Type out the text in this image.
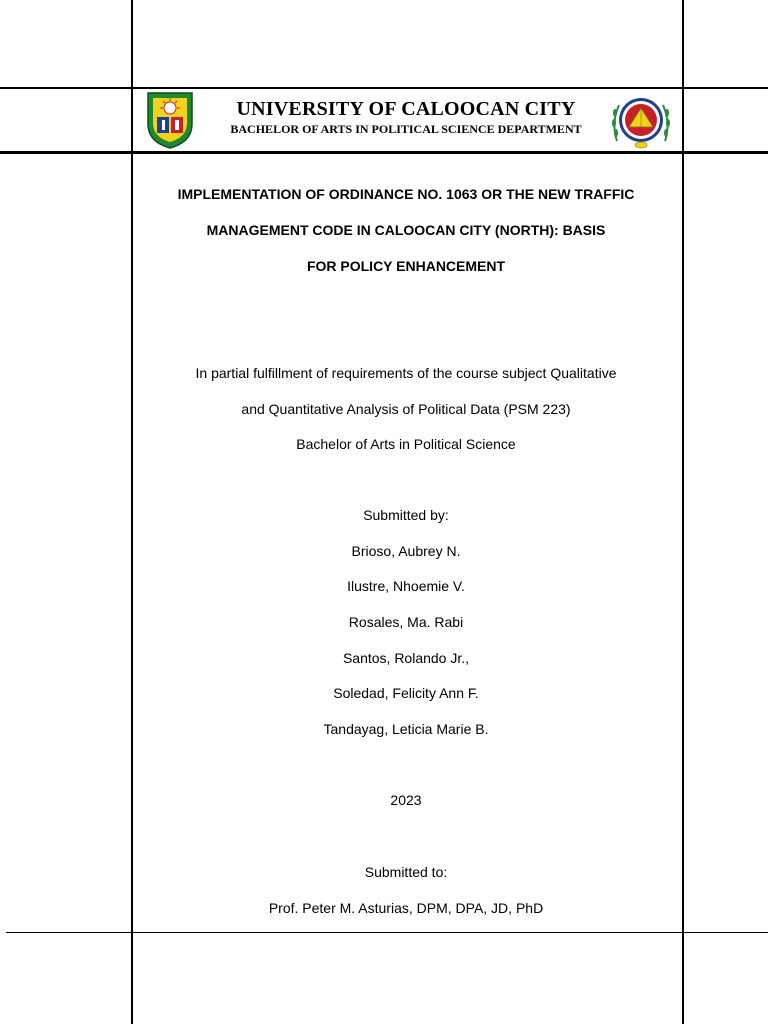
UNIVERSITY OF CALOOCAN CITY
BACHELOR OF ARTS IN POLITICAL SCIENCE DEPARTMENT
IMPLEMENTATION OF ORDINANCE NO. 1063 OR THE NEW TRAFFIC
MANAGEMENT CODE IN CALOOCAN CITY (NORTH): BASIS
FOR POLICY ENHANCEMENT
In partial fulfillment of requirements of the course subject Qualitative
and Quantitative Analysis of Political Data (PSM 223)
Bachelor of Arts in Political Science
Submitted by:
Brioso, Aubrey N.
Ilustre, Nhoemie V.
Rosales, Ma. Rabi
Santos, Rolando Jr.,
Soledad, Felicity Ann F.
Tandayag, Leticia Marie B.
2023
Submitted to:
Prof. Peter M. Asturias, DPM, DPA, JD, PhD
